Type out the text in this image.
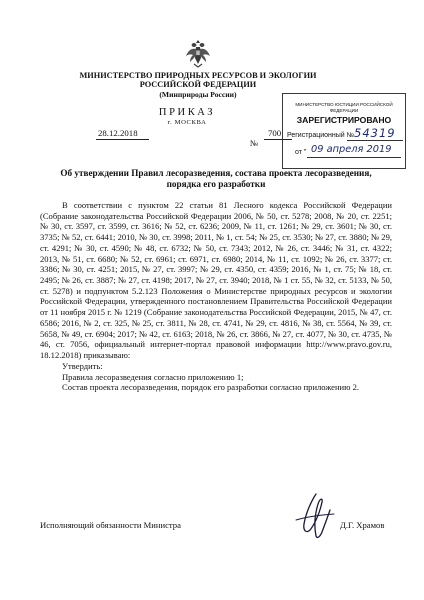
МИНИСТЕРСТВО ПРИРОДНЫХ РЕСУРСОВ И ЭКОЛОГИИ
РОССИЙСКОЙ ФЕДЕРАЦИИ
(Минприроды России)
ПРИКАЗ
г. МОСКВА
28.12.2018
№
700
МИНИСТЕРСТВО ЮСТИЦИИ РОССИЙСКОЙ ФЕДЕРАЦИИ
ЗАРЕГИСТРИРОВАНО
Регистрационный № 54319
от " 09 апреля 2019
Об утверждении Правил лесоразведения, состава проекта лесоразведения,
порядка его разработки

В соответствии с пунктом 22 статьи 81 Лесного кодекса Российской Федерации (Собрание законодательства Российской Федерации 2006, № 50, ст. 5278; 2008, № 20, ст. 2251; № 30, ст. 3597, ст. 3599, ст. 3616; № 52, ст. 6236; 2009, № 11, ст. 1261; № 29, ст. 3601; № 30, ст. 3735; № 52, ст. 6441; 2010, № 30, ст. 3998; 2011, № 1, ст. 54; № 25, ст. 3530; № 27, ст. 3880; № 29, ст. 4291; № 30, ст. 4590; № 48, ст. 6732; № 50, ст. 7343; 2012, № 26, ст. 3446; № 31, ст. 4322; 2013, № 51, ст. 6680; № 52, ст. 6961; ст. 6971, ст. 6980; 2014, № 11, ст. 1092; № 26, ст. 3377; ст. 3386; № 30, ст. 4251; 2015, № 27, ст. 3997; № 29, ст. 4350, ст. 4359; 2016, № 1, ст. 75; № 18, ст. 2495; № 26, ст. 3887; № 27, ст. 4198; 2017, № 27, ст. 3940; 2018, № 1 ст. 55, № 32, ст. 5133, № 50, ст. 5278) и подпунктом 5.2.123 Положения о Министерстве природных ресурсов и экологии Российской Федерации, утвержденного постановлением Правительства Российской Федерации от 11 ноября 2015 г. № 1219 (Собрание законодательства Российской Федерации, 2015, № 47, ст. 6586; 2016, № 2, ст. 325, № 25, ст. 3811, № 28, ст. 4741, № 29, ст. 4816, № 38, ст. 5564, № 39, ст. 5658, № 49, ст. 6904; 2017; № 42, ст. 6163; 2018, № 26, ст. 3866, № 27, ст. 4077, № 30, ст. 4735, № 46, ст. 7056, официальный интернет-портал правовой информации http://www.pravo.gov.ru, 18.12.2018) приказываю:

Утвердить:

Правила лесоразведения согласно приложению 1;

Состав проекта лесоразведения, порядок его разработки согласно приложению 2.

Исполняющий обязанности Министра	Д.Г. Храмов
